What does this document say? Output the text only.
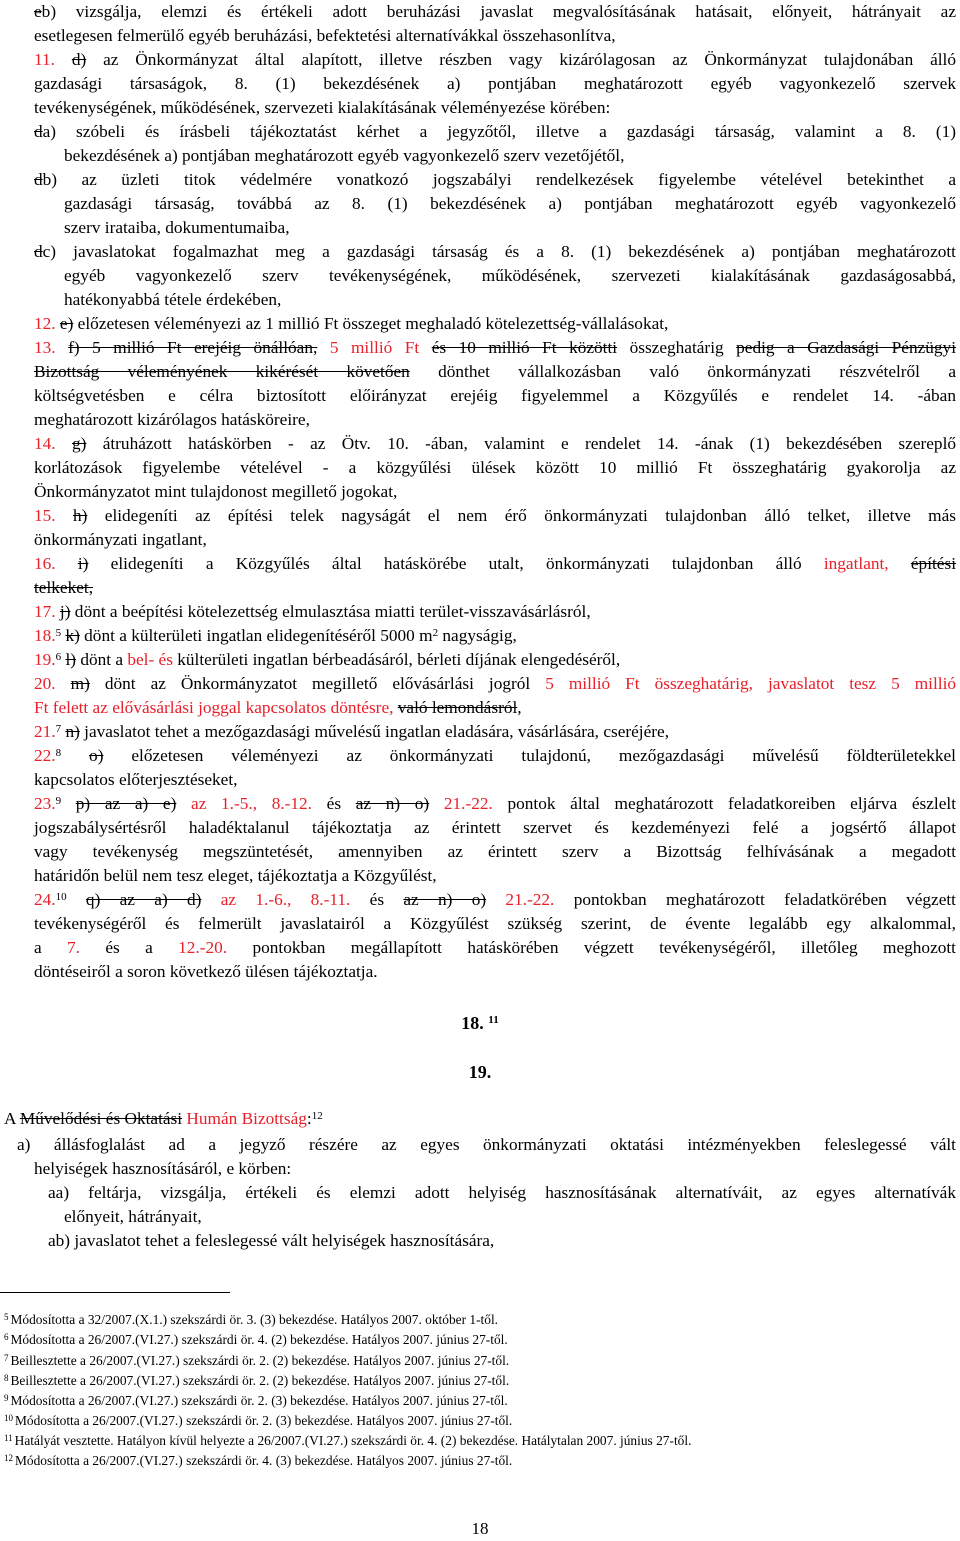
eb) vizsgálja, elemzi és értékeli adott beruházási javaslat megvalósításának hatásait, előnyeit, hátrányait az
esetlegesen felmerülő egyéb beruházási, befektetési alternatívákkal összehasonlítva,
11. d) az Önkormányzat által alapított, illetve részben vagy kizárólagosan az Önkormányzat tulajdonában álló
gazdasági társaságok, 8. (1) bekezdésének a) pontjában meghatározott egyéb vagyonkezelő szervek
tevékenységének, működésének, szervezeti kialakításának véleményezése körében:
da) szóbeli és írásbeli tájékoztatást kérhet a jegyzőtől, illetve a gazdasági társaság, valamint a 8. (1)
bekezdésének a) pontjában meghatározott egyéb vagyonkezelő szerv vezetőjétől,
db) az üzleti titok védelmére vonatkozó jogszabályi rendelkezések figyelembe vételével betekinthet a
gazdasági társaság, továbbá az 8. (1) bekezdésének a) pontjában meghatározott egyéb vagyonkezelő
szerv irataiba, dokumentumaiba,
dc) javaslatokat fogalmazhat meg a gazdasági társaság és a 8. (1) bekezdésének a) pontjában meghatározott
egyéb vagyonkezelő szerv tevékenységének, működésének, szervezeti kialakításának gazdaságosabbá,
hatékonyabbá tétele érdekében,
12. e) előzetesen véleményezi az 1 millió Ft összeget meghaladó kötelezettség-vállalásokat,
13. f) 5 millió Ft erejéig önállóan, 5 millió Ft és 10 millió Ft közötti összeghatárig pedig a Gazdasági Pénzügyi
Bizottság véleményének kikérését követően dönthet vállalkozásban való önkormányzati részvételről a
költségvetésben e célra biztosított előirányzat erejéig figyelemmel a Közgyűlés e rendelet 14. -ában
meghatározott kizárólagos hatásköreire,
14. g) átruházott hatáskörben - az Ötv. 10. -ában, valamint e rendelet 14. -ának (1) bekezdésében szereplő
korlátozások figyelembe vételével - a közgyűlési ülések között 10 millió Ft összeghatárig gyakorolja az
Önkormányzatot mint tulajdonost megillető jogokat,
15. h) elidegeníti az építési telek nagyságát el nem érő önkormányzati tulajdonban álló telket, illetve más
önkormányzati ingatlant,
16. i) elidegeníti a Közgyűlés által hatáskörébe utalt, önkormányzati tulajdonban álló ingatlant, építési
telkeket,
17. j) dönt a beépítési kötelezettség elmulasztása miatti terület-visszavásárlásról,
18.$^5$ k) dönt a külterületi ingatlan elidegenítéséről 5000 $m^2$ nagyságig,
19.$^6$ l) dönt a bel- és külterületi ingatlan bérbeadásáról, bérleti díjának elengedéséről,
20. m) dönt az Önkormányzatot megillető elővásárlási jogról 5 millió Ft összeghatárig, javaslatot tesz 5 millió
Ft felett az elővásárlási joggal kapcsolatos döntésre, való lemondásról,
21.$^7$ n) javaslatot tehet a mezőgazdasági művelésű ingatlan eladására, vásárlására, cseréjére,
22.$^8$ o) előzetesen véleményezi az önkormányzati tulajdonú, mezőgazdasági művelésű földterületekkel
kapcsolatos előterjesztéseket,
23.$^9$ p) az a) e) az 1.-5., 8.-12. és az n) o) 21.-22. pontok által meghatározott feladatkoreiben eljárva észlelt
jogszabálysértésről haladéktalanul tájékoztatja az érintett szervet és kezdeményezi felé a jogsértő állapot
vagy tevékenység megszüntetését, amennyiben az érintett szerv a Bizottság felhívásának a megadott
határidőn belül nem tesz eleget, tájékoztatja a Közgyűlést,
24.10 q) az a) d) az 1.-6., 8.-11. és az n) o) 21.-22. pontokban meghatározott feladatkörében végzett
tevékenységéről és felmerült javaslatairól a Közgyűlést szükség szerint, de évente legalább egy alkalommal,
a 7. és a 12.-20. pontokban megállapított hatáskörében végzett tevékenységéről, illetőleg meghozott
döntéseiről a soron következő ülésen tájékoztatja.
18. $^{11}$
19.
A Művelődési és Oktatási Humán Bizottság:$^{12}$
a) állásfoglalást ad a jegyző részére az egyes önkormányzati oktatási intézményekben feleslegessé vált
helyiségek hasznosításáról, e körben:
aa) feltárja, vizsgálja, értékeli és elemzi adott helyiség hasznosításának alternatíváit, az egyes alternatívák
előnyeit, hátrányait,
ab) javaslatot tehet a feleslegessé vált helyiségek hasznosítására,
$^5$ Módosította a 32/2007.(X.1.) szekszárdi ör. 3. (3) bekezdése. Hatályos 2007. október 1-től.
$^6$ Módosította a 26/2007.(VI.27.) szekszárdi ör. 4. (2) bekezdése. Hatályos 2007. június 27-től.
$^7$ Beillesztette a 26/2007.(VI.27.) szekszárdi ör. 2. (2) bekezdése. Hatályos 2007. június 27-től.
$^8$ Beillesztette a 26/2007.(VI.27.) szekszárdi ör. 2. (2) bekezdése. Hatályos 2007. június 27-től.
$^9$ Módosította a 26/2007.(VI.27.) szekszárdi ör. 2. (3) bekezdése. Hatályos 2007. június 27-től.
$^{10}$ Módosította a 26/2007.(VI.27.) szekszárdi ör. 2. (3) bekezdése. Hatályos 2007. június 27-től.
$^{11}$ Hatályát vesztette. Hatályon kívül helyezte a 26/2007.(VI.27.) szekszárdi ör. 4. (2) bekezdése. Hatálytalan 2007. június 27-től.
$^{12}$ Módosította a 26/2007.(VI.27.) szekszárdi ör. 4. (3) bekezdése. Hatályos 2007. június 27-től.
18
